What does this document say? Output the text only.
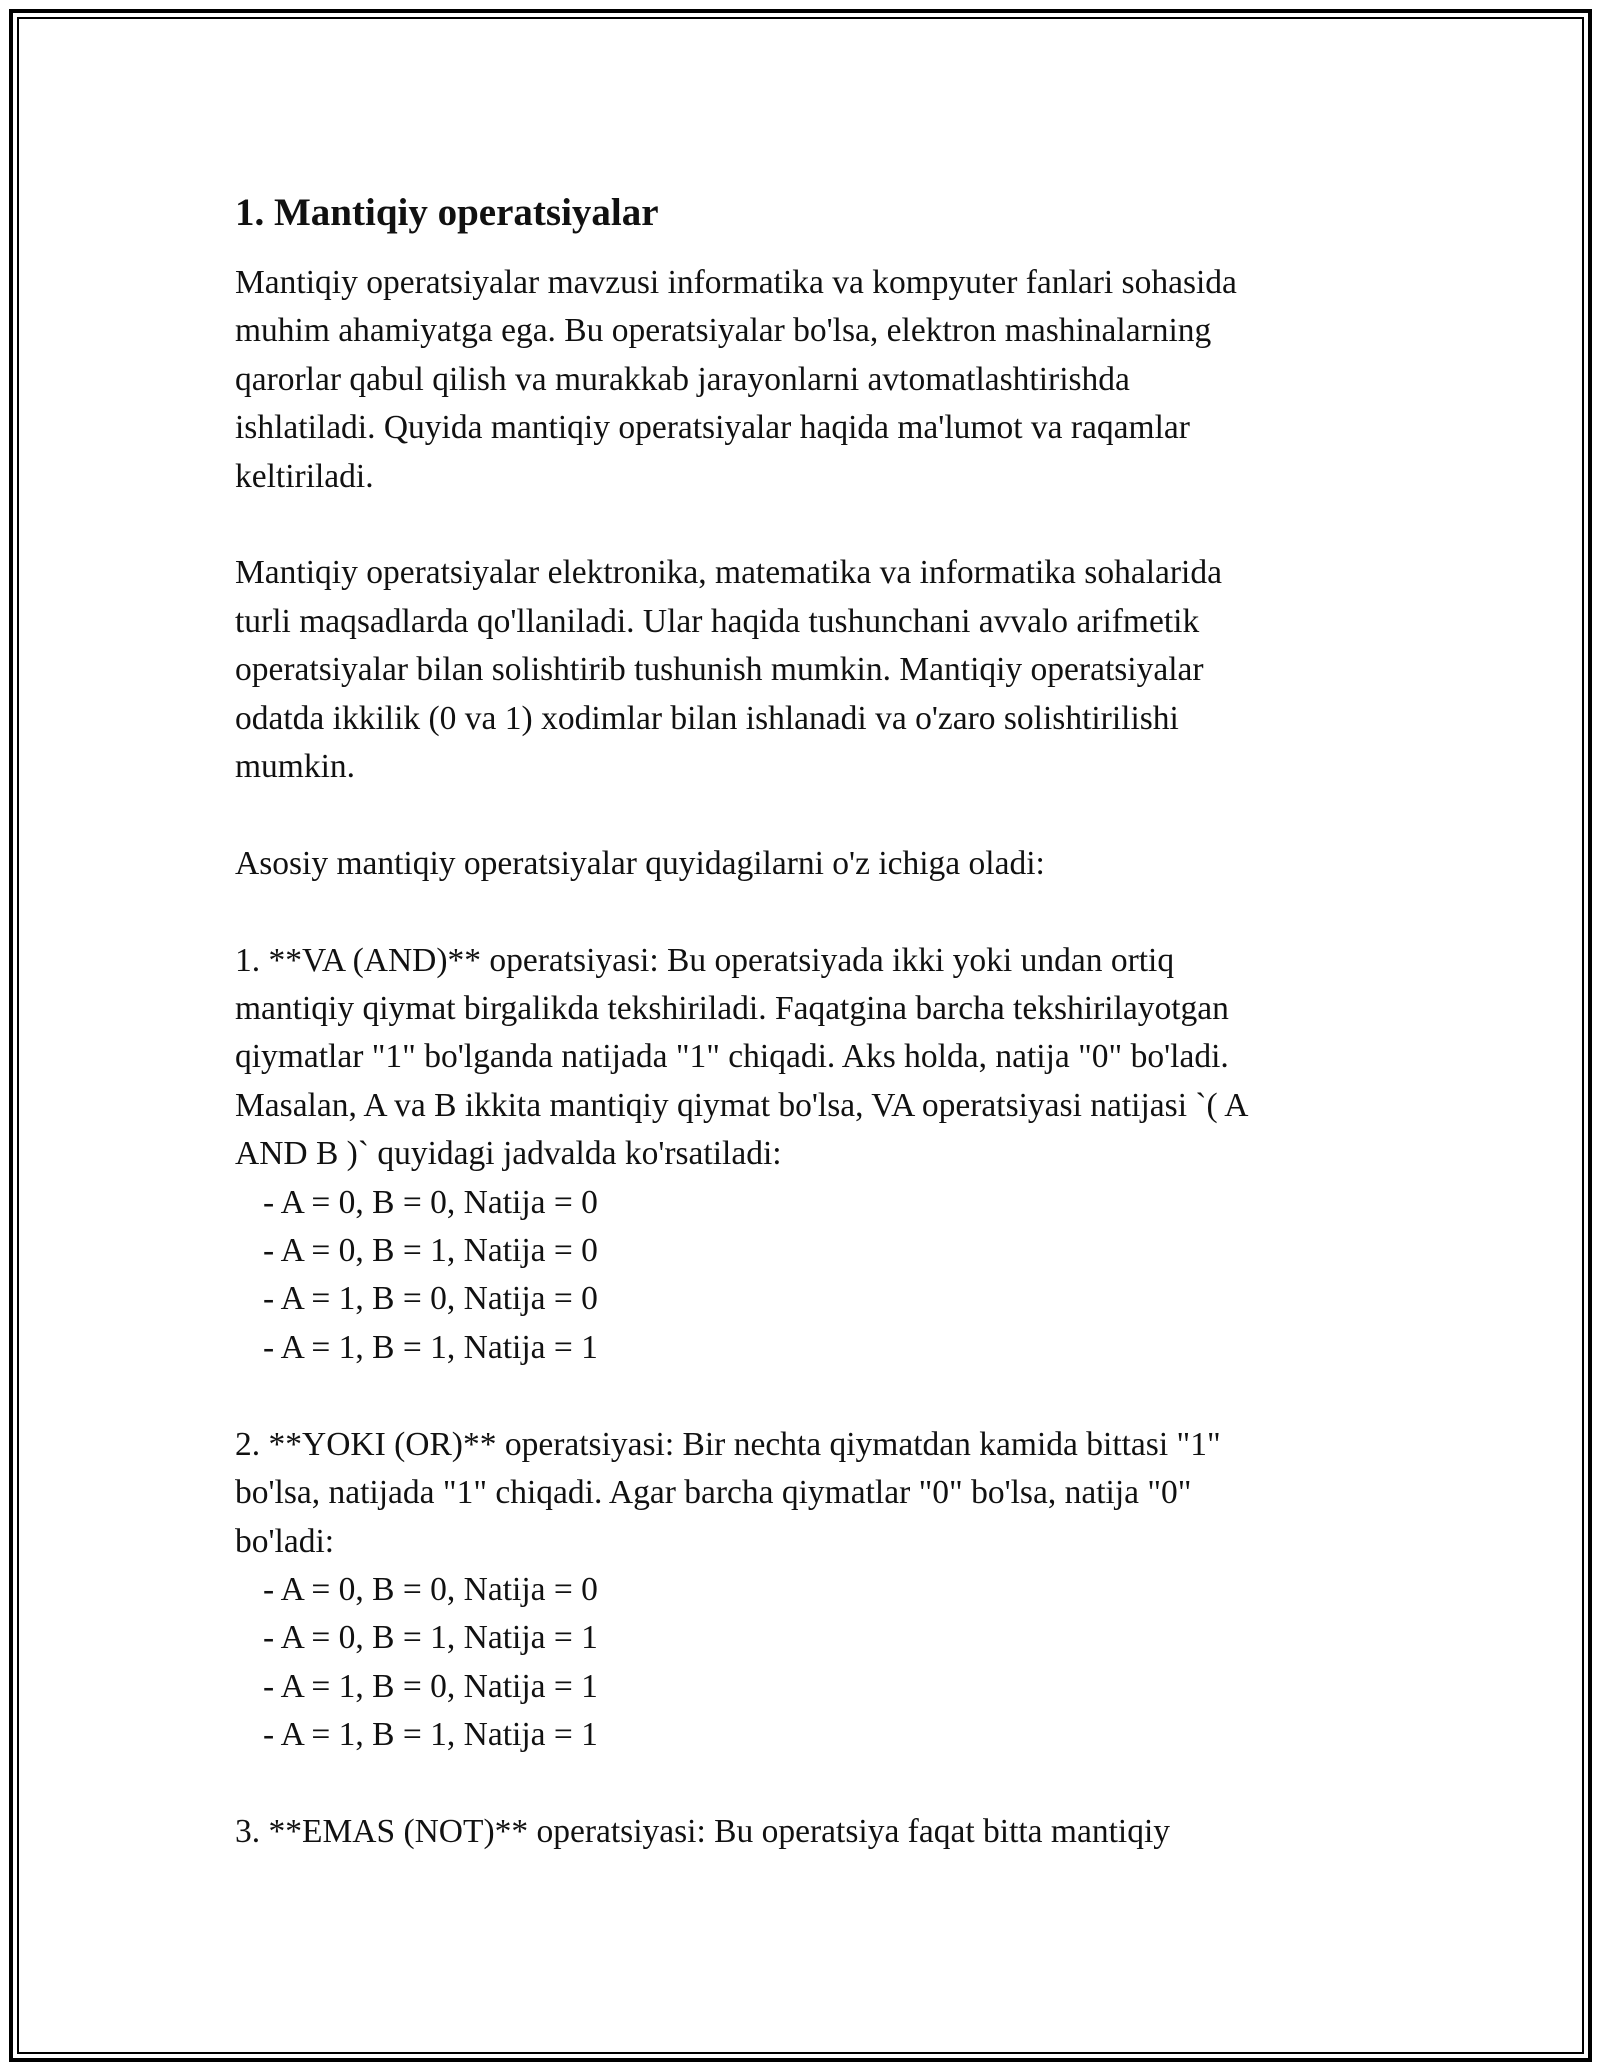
1. Mantiqiy operatsiyalar

Mantiqiy operatsiyalar mavzusi informatika va kompyuter fanlari sohasida
muhim ahamiyatga ega. Bu operatsiyalar bo'lsa, elektron mashinalarning
qarorlar qabul qilish va murakkab jarayonlarni avtomatlashtirishda
ishlatiladi. Quyida mantiqiy operatsiyalar haqida ma'lumot va raqamlar
keltiriladi.

Mantiqiy operatsiyalar elektronika, matematika va informatika sohalarida
turli maqsadlarda qo'llaniladi. Ular haqida tushunchani avvalo arifmetik
operatsiyalar bilan solishtirib tushunish mumkin. Mantiqiy operatsiyalar
odatda ikkilik (0 va 1) xodimlar bilan ishlanadi va o'zaro solishtirilishi
mumkin.

Asosiy mantiqiy operatsiyalar quyidagilarni o'z ichiga oladi:

1. **VA (AND)** operatsiyasi: Bu operatsiyada ikki yoki undan ortiq
mantiqiy qiymat birgalikda tekshiriladi. Faqatgina barcha tekshirilayotgan
qiymatlar "1" bo'lganda natijada "1" chiqadi. Aks holda, natija "0" bo'ladi.
Masalan, A va B ikkita mantiqiy qiymat bo'lsa, VA operatsiyasi natijasi `( A
AND B )` quyidagi jadvalda ko'rsatiladi:

- A = 0, B = 0, Natija = 0

- A = 0, B = 1, Natija = 0

- A = 1, B = 0, Natija = 0

- A = 1, B = 1, Natija = 1

2. **YOKI (OR)** operatsiyasi: Bir nechta qiymatdan kamida bittasi "1"
bo'lsa, natijada "1" chiqadi. Agar barcha qiymatlar "0" bo'lsa, natija "0"
bo'ladi:

- A = 0, B = 0, Natija = 0

- A = 0, B = 1, Natija = 1

- A = 1, B = 0, Natija = 1

- A = 1, B = 1, Natija = 1

3. **EMAS (NOT)** operatsiyasi: Bu operatsiya faqat bitta mantiqiy
